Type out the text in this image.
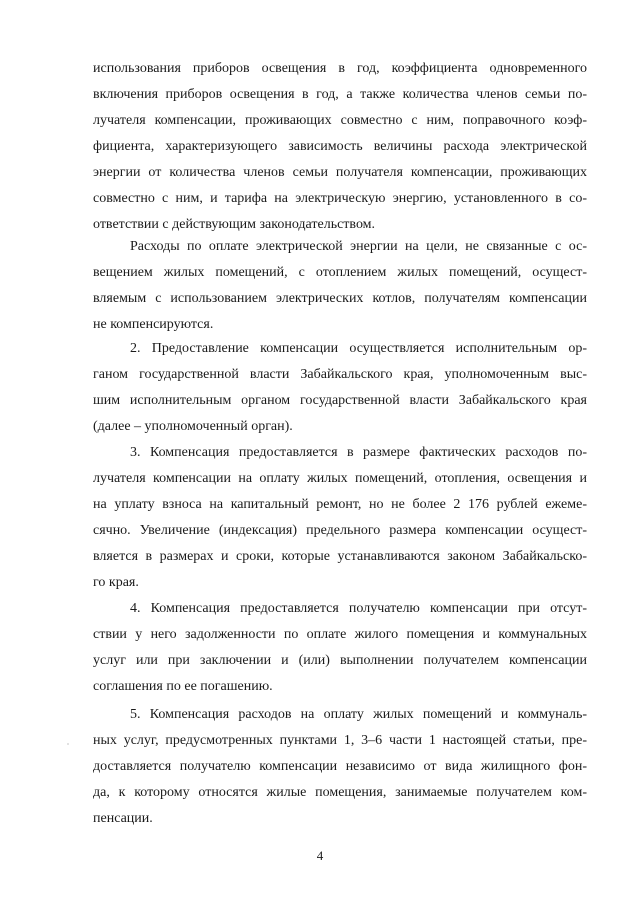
использования приборов освещения в год, коэффициента одновременного
включения приборов освещения в год, а также количества членов семьи по-
лучателя компенсации, проживающих совместно с ним, поправочного коэф-
фициента, характеризующего зависимость величины расхода электрической
энергии от количества членов семьи получателя компенсации, проживающих
совместно с ним, и тарифа на электрическую энергию, установленного в со-
ответствии с действующим законодательством.
Расходы по оплате электрической энергии на цели, не связанные с ос-
вещением жилых помещений, с отоплением жилых помещений, осущест-
вляемым с использованием электрических котлов, получателям компенсации
не компенсируются.
2. Предоставление компенсации осуществляется исполнительным ор-
ганом государственной власти Забайкальского края, уполномоченным выс-
шим исполнительным органом государственной власти Забайкальского края
(далее – уполномоченный орган).
3. Компенсация предоставляется в размере фактических расходов по-
лучателя компенсации на оплату жилых помещений, отопления, освещения и
на уплату взноса на капитальный ремонт, но не более 2 176 рублей ежеме-
сячно. Увеличение (индексация) предельного размера компенсации осущест-
вляется в размерах и сроки, которые устанавливаются законом Забайкальско-
го края.
4. Компенсация предоставляется получателю компенсации при отсут-
ствии у него задолженности по оплате жилого помещения и коммунальных
услуг или при заключении и (или) выполнении получателем компенсации
соглашения по ее погашению.
5. Компенсация расходов на оплату жилых помещений и коммуналь-
ных услуг, предусмотренных пунктами 1, 3–6 части 1 настоящей статьи, пре-
доставляется получателю компенсации независимо от вида жилищного фон-
да, к которому относятся жилые помещения, занимаемые получателем ком-
пенсации.
4
